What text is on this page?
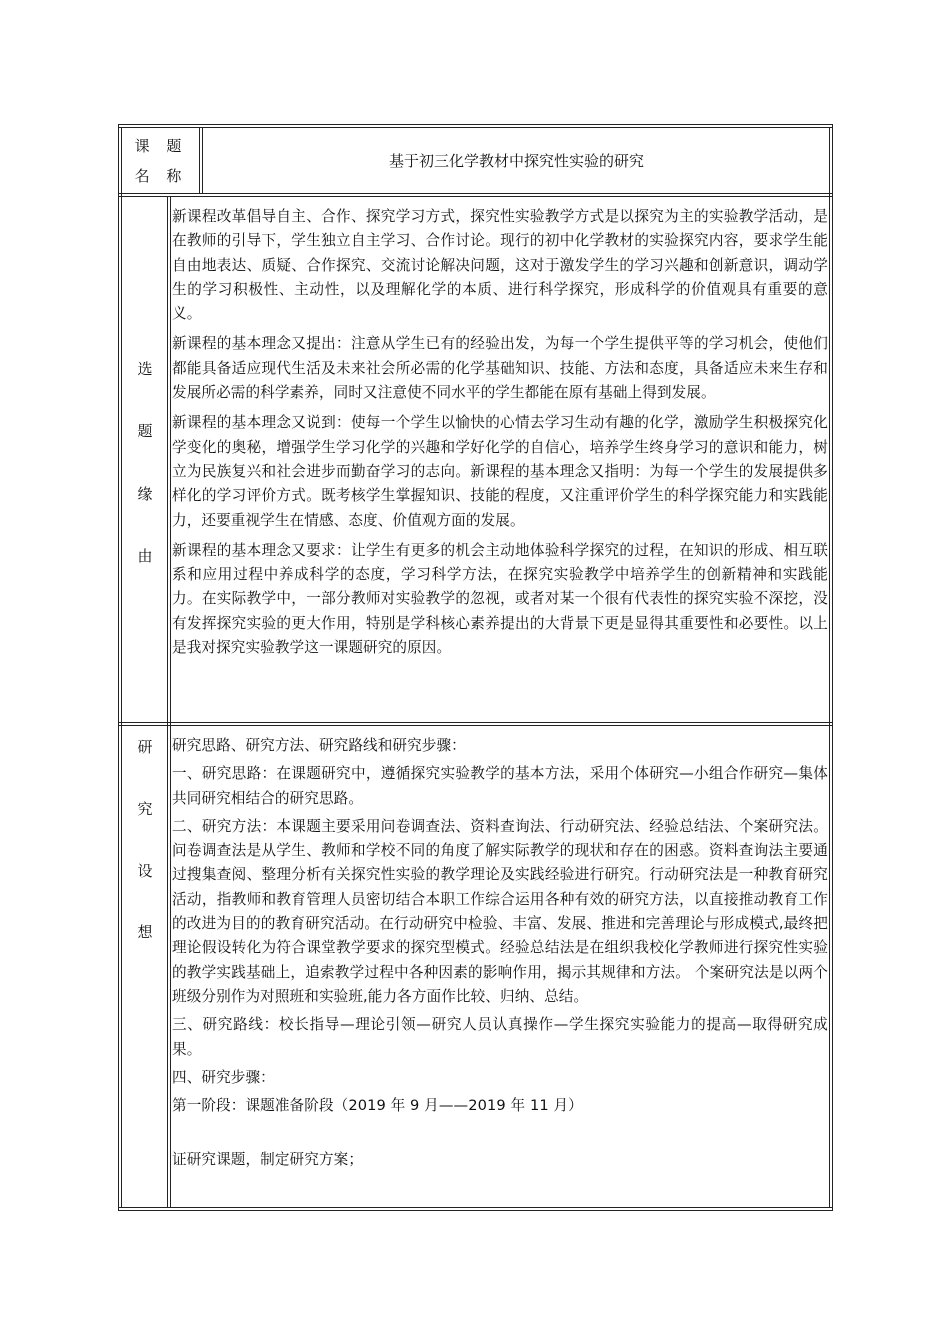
课 题
名 称
基于初三化学教材中探究性实验的研究
选
题
缘
由

新课程改革倡导自主、合作、探究学习方式，探究性实验教学方式是以探究为主的实验教学活动，是在教师的引导下，学生独立自主学习、合作讨论。现行的初中化学教材的实验探究内容，要求学生能自由地表达、质疑、合作探究、交流讨论解决问题，这对于激发学生的学习兴趣和创新意识，调动学生的学习积极性、主动性，以及理解化学的本质、进行科学探究，形成科学的价值观具有重要的意义。

新课程的基本理念又提出：注意从学生已有的经验出发，为每一个学生提供平等的学习机会，使他们都能具备适应现代生活及未来社会所必需的化学基础知识、技能、方法和态度，具备适应未来生存和发展所必需的科学素养，同时又注意使不同水平的学生都能在原有基础上得到发展。

新课程的基本理念又说到：使每一个学生以愉快的心情去学习生动有趣的化学，激励学生积极探究化学变化的奥秘，增强学生学习化学的兴趣和学好化学的自信心，培养学生终身学习的意识和能力，树立为民族复兴和社会进步而勤奋学习的志向。新课程的基本理念又指明：为每一个学生的发展提供多样化的学习评价方式。既考核学生掌握知识、技能的程度，又注重评价学生的科学探究能力和实践能力，还要重视学生在情感、态度、价值观方面的发展。

新课程的基本理念又要求：让学生有更多的机会主动地体验科学探究的过程，在知识的形成、相互联系和应用过程中养成科学的态度，学习科学方法，在探究实验教学中培养学生的创新精神和实践能力。在实际教学中，一部分教师对实验教学的忽视，或者对某一个很有代表性的探究实验不深挖，没有发挥探究实验的更大作用，特别是学科核心素养提出的大背景下更是显得其重要性和必要性。以上是我对探究实验教学这一课题研究的原因。

研
究
设
想

研究思路、研究方法、研究路线和研究步骤：

一、研究思路：在课题研究中，遵循探究实验教学的基本方法，采用个体研究—小组合作研究—集体共同研究相结合的研究思路。

二、研究方法：本课题主要采用问卷调查法、资料查询法、行动研究法、经验总结法、个案研究法。问卷调查法是从学生、教师和学校不同的角度了解实际教学的现状和存在的困惑。资料查询法主要通过搜集查阅、整理分析有关探究性实验的教学理论及实践经验进行研究。行动研究法是一种教育研究活动，指教师和教育管理人员密切结合本职工作综合运用各种有效的研究方法，以直接推动教育工作的改进为目的的教育研究活动。在行动研究中检验、丰富、发展、推进和完善理论与形成模式,最终把理论假设转化为符合课堂教学要求的探究型模式。经验总结法是在组织我校化学教师进行探究性实验的教学实践基础上，追索教学过程中各种因素的影响作用，揭示其规律和方法。 个案研究法是以两个班级分别作为对照班和实验班,能力各方面作比较、归纳、总结。

三、研究路线：校长指导—理论引领—研究人员认真操作—学生探究实验能力的提高—取得研究成果。

四、研究步骤：

第一阶段：课题准备阶段（2019 年 9 月——2019 年 11 月）

证研究课题，制定研究方案；
